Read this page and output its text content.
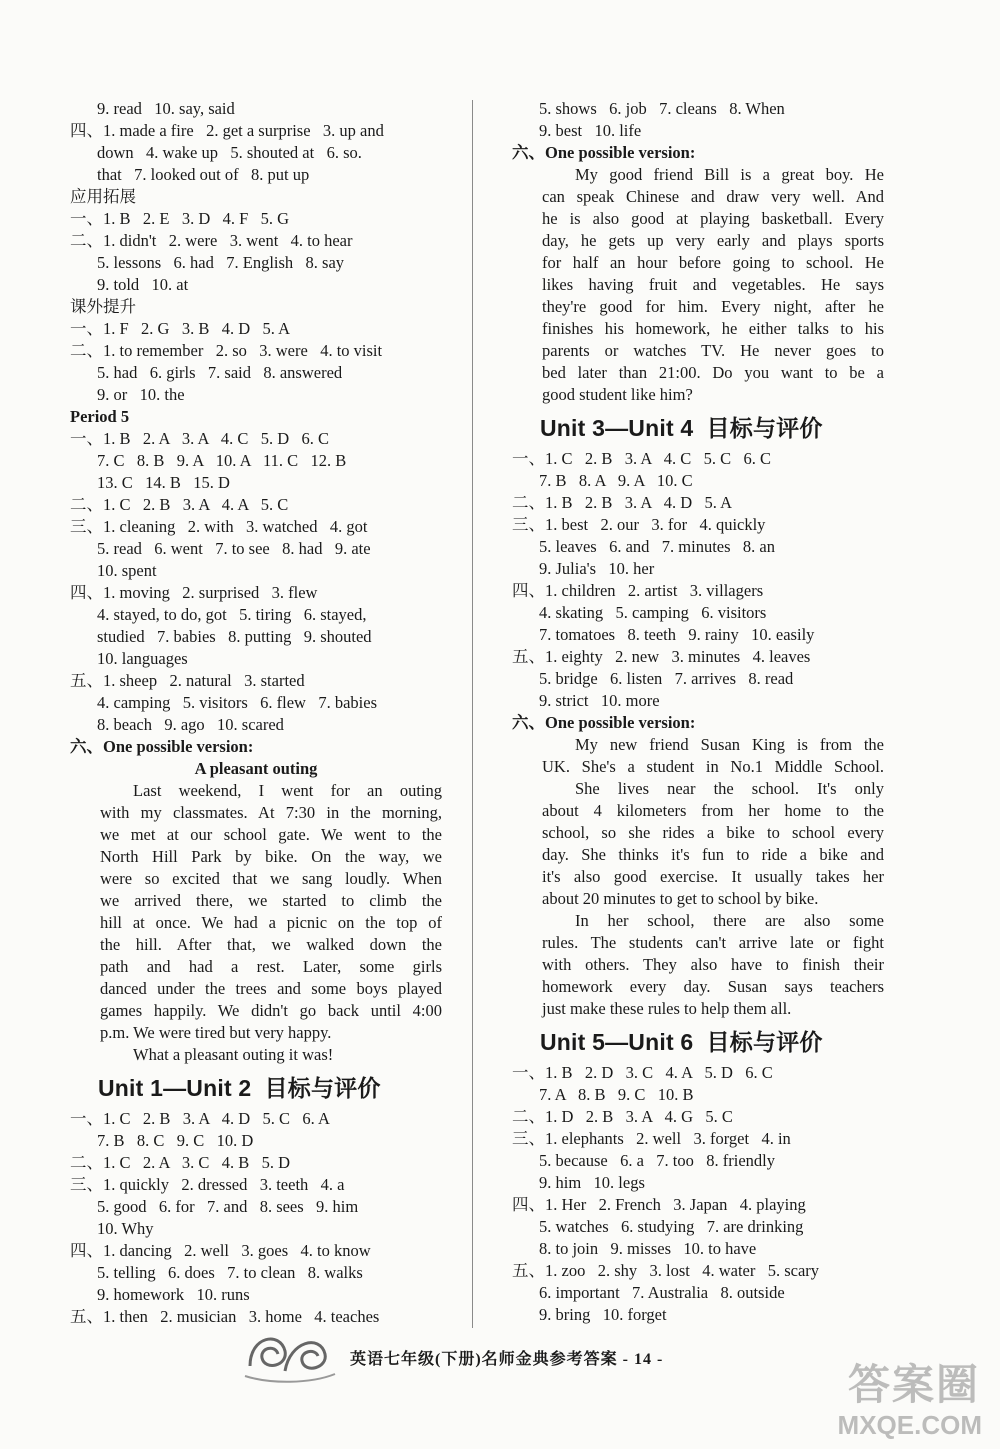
9. read   10. say, said
四、1. made a fire   2. get a surprise   3. up and
down   4. wake up   5. shouted at   6. so.
that   7. looked out of   8. put up
应用拓展
一、1. B   2. E   3. D   4. F   5. G
二、1. didn't   2. were   3. went   4. to hear
5. lessons   6. had   7. English   8. say
9. told   10. at
课外提升
一、1. F   2. G   3. B   4. D   5. A
二、1. to remember   2. so   3. were   4. to visit
5. had   6. girls   7. said   8. answered
9. or   10. the
Period 5
一、1. B   2. A   3. A   4. C   5. D   6. C
7. C   8. B   9. A   10. A   11. C   12. B
13. C   14. B   15. D
二、1. C   2. B   3. A   4. A   5. C
三、1. cleaning   2. with   3. watched   4. got
5. read   6. went   7. to see   8. had   9. ate
10. spent
四、1. moving   2. surprised   3. flew
4. stayed, to do, got   5. tiring   6. stayed,
studied   7. babies   8. putting   9. shouted
10. languages
五、1. sheep   2. natural   3. started
4. camping   5. visitors   6. flew   7. babies
8. beach   9. ago   10. scared
六、One possible version:
A pleasant outing
Last weekend, I went for an outing
with my classmates. At 7:30 in the morning,
we met at our school gate. We went to the
North Hill Park by bike. On the way, we
were so excited that we sang loudly. When
we arrived there, we started to climb the
hill at once. We had a picnic on the top of
the hill. After that, we walked down the
path and had a rest. Later, some girls
danced under the trees and some boys played
games happily. We didn't go back until 4:00
p.m. We were tired but very happy.
What a pleasant outing it was!
Unit 1—Unit 2  目标与评价
一、1. C   2. B   3. A   4. D   5. C   6. A
7. B   8. C   9. C   10. D
二、1. C   2. A   3. C   4. B   5. D
三、1. quickly   2. dressed   3. teeth   4. a
5. good   6. for   7. and   8. sees   9. him
10. Why
四、1. dancing   2. well   3. goes   4. to know
5. telling   6. does   7. to clean   8. walks
9. homework   10. runs
五、1. then   2. musician   3. home   4. teaches
5. shows   6. job   7. cleans   8. When
9. best   10. life
六、One possible version:
My good friend Bill is a great boy. He
can speak Chinese and draw very well. And
he is also good at playing basketball. Every
day, he gets up very early and plays sports
for half an hour before going to school. He
likes having fruit and vegetables. He says
they're good for him. Every night, after he
finishes his homework, he either talks to his
parents or watches TV. He never goes to
bed later than 21:00. Do you want to be a
good student like him?
Unit 3—Unit 4  目标与评价
一、1. C   2. B   3. A   4. C   5. C   6. C
7. B   8. A   9. A   10. C
二、1. B   2. B   3. A   4. D   5. A
三、1. best   2. our   3. for   4. quickly
5. leaves   6. and   7. minutes   8. an
9. Julia's   10. her
四、1. children   2. artist   3. villagers
4. skating   5. camping   6. visitors
7. tomatoes   8. teeth   9. rainy   10. easily
五、1. eighty   2. new   3. minutes   4. leaves
5. bridge   6. listen   7. arrives   8. read
9. strict   10. more
六、One possible version:
My new friend Susan King is from the
UK. She's a student in No.1 Middle School.
She lives near the school. It's only
about 4 kilometers from her home to the
school, so she rides a bike to school every
day. She thinks it's fun to ride a bike and
it's also good exercise. It usually takes her
about 20 minutes to get to school by bike.
In her school, there are also some
rules. The students can't arrive late or fight
with others. They also have to finish their
homework every day. Susan says teachers
just make these rules to help them all.
Unit 5—Unit 6  目标与评价
一、1. B   2. D   3. C   4. A   5. D   6. C
7. A   8. B   9. C   10. B
二、1. D   2. B   3. A   4. G   5. C
三、1. elephants   2. well   3. forget   4. in
5. because   6. a   7. too   8. friendly
9. him   10. legs
四、1. Her   2. French   3. Japan   4. playing
5. watches   6. studying   7. are drinking
8. to join   9. misses   10. to have
五、1. zoo   2. shy   3. lost   4. water   5. scary
6. important   7. Australia   8. outside
9. bring   10. forget
英语七年级(下册)名师金典参考答案 - 14 -
答案圈
MXQE.COM
